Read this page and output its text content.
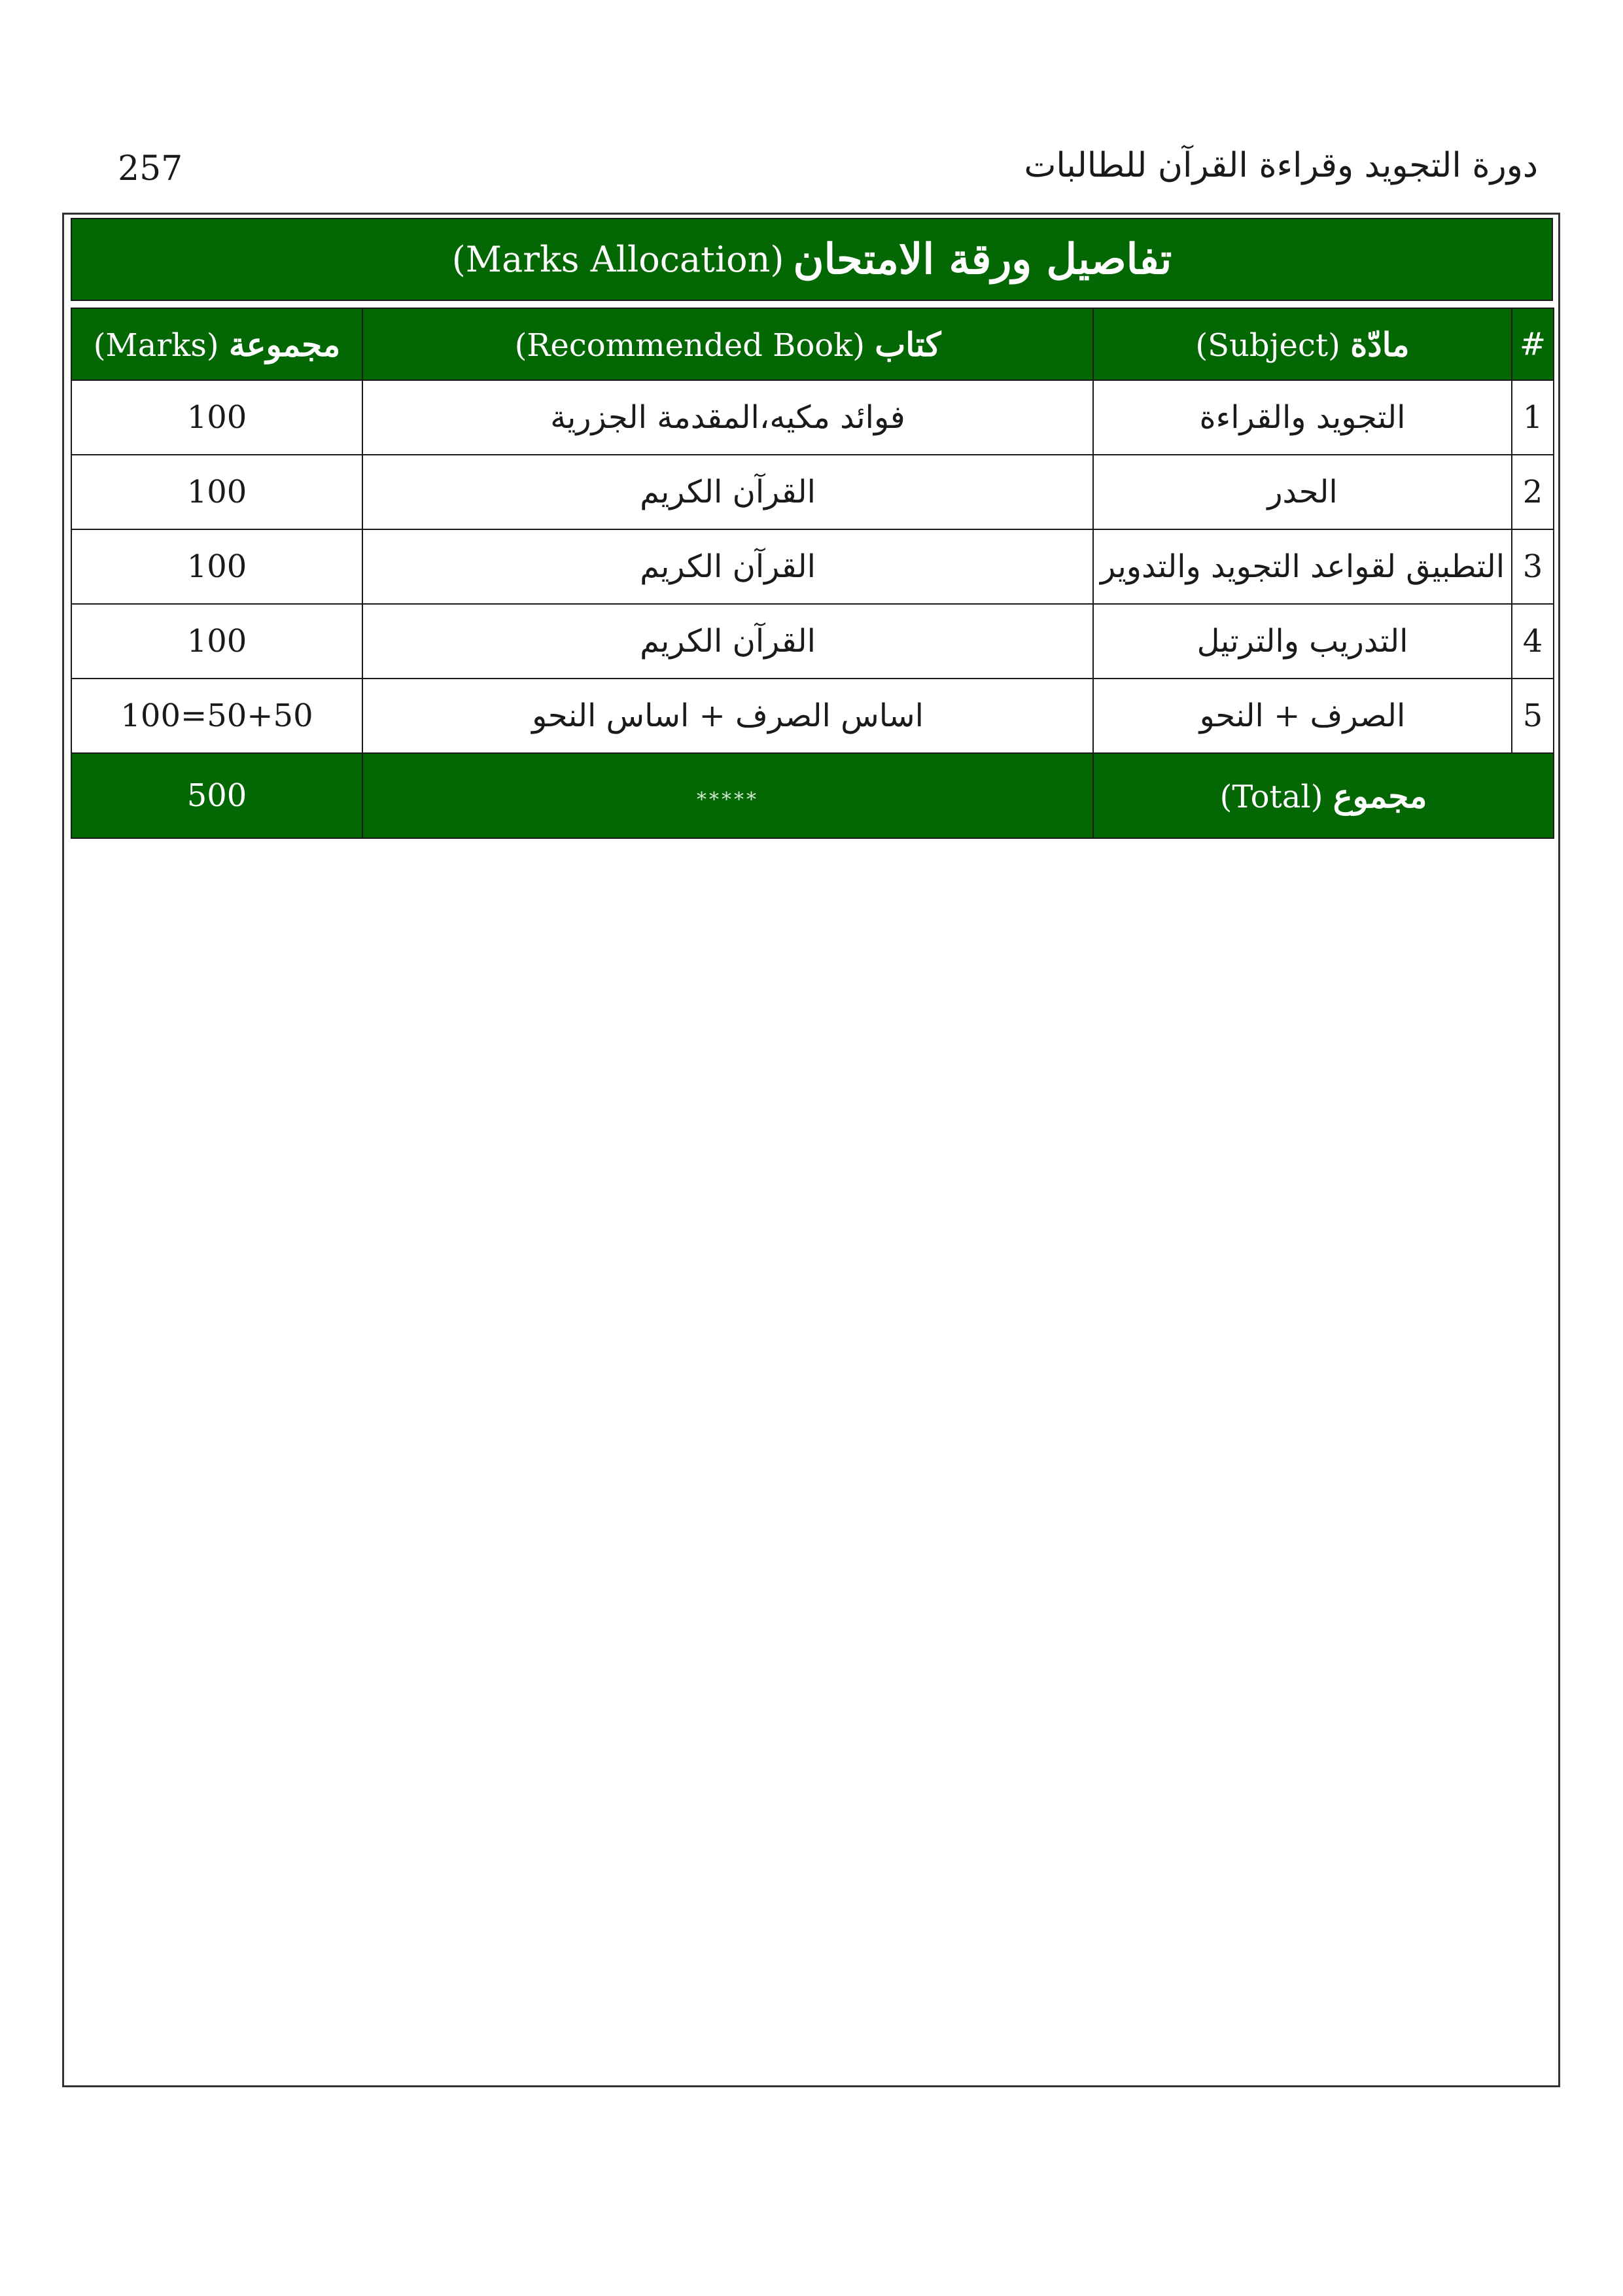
257	دورة التجويد وقراءة القرآن للطالبات
تفاصيل ورقة الامتحان
(Marks Allocation)
#	مادّة (Subject)	كتاب (Recommended Book)	مجموعة (Marks)
1	التجويد والقراءة	فوائد مكيه،المقدمة الجزرية	100
2	الحدر	القرآن الكريم	100
3	التطبيق لقواعد التجويد والتدوير	القرآن الكريم	100
4	التدريب والترتيل	القرآن الكريم	100
5	الصرف + النحو	اساس الصرف + اساس النحو	100=50+50
مجموع (Total)		*****	500
